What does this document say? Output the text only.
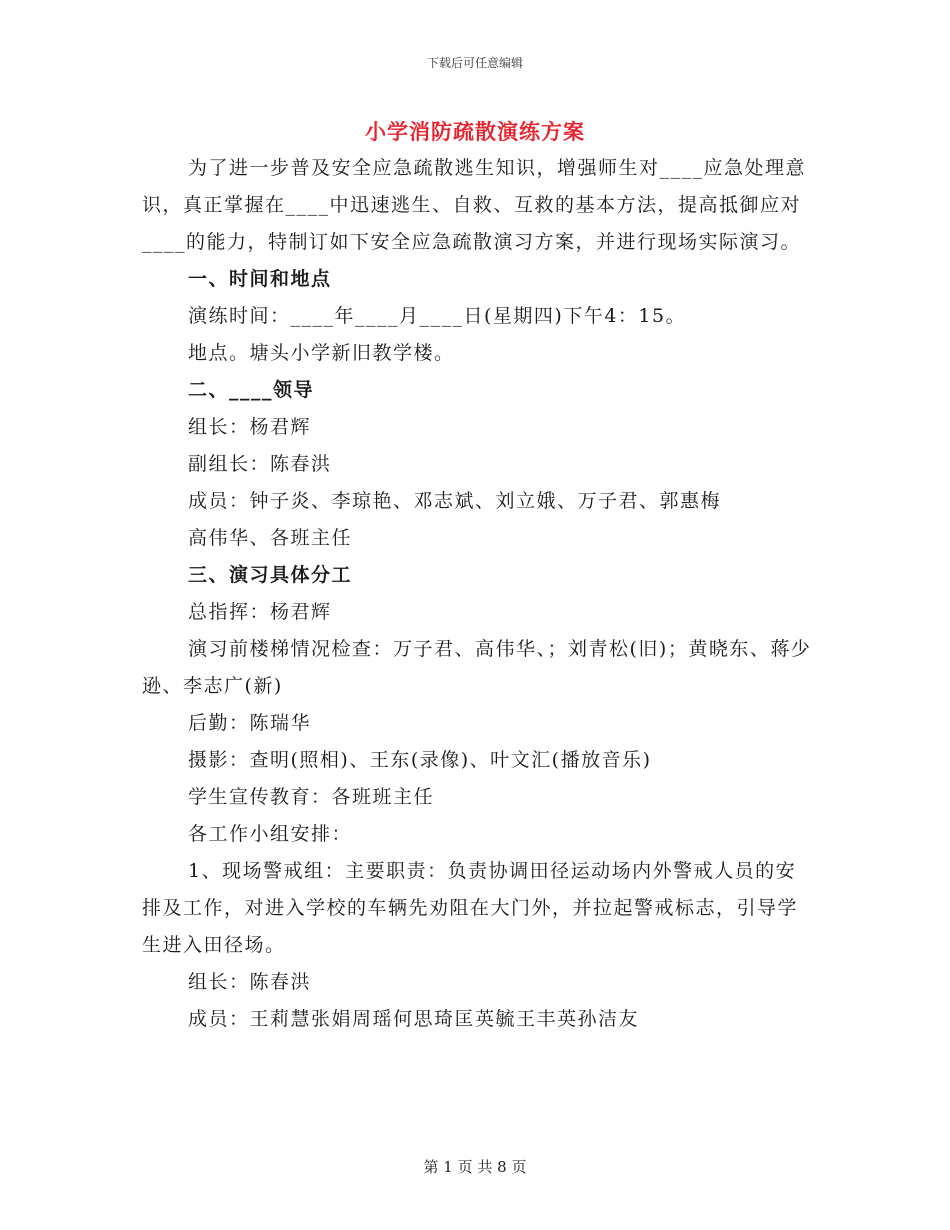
下载后可任意编辑
小学消防疏散演练方案

为了进一步普及安全应急疏散逃生知识，增强师生对____应急处理意识，真正掌握在____中迅速逃生、自救、互救的基本方法，提高抵御应对____的能力，特制订如下安全应急疏散演习方案，并进行现场实际演习。

一、时间和地点

演练时间：____年____月____日(星期四)下午4：15。

地点。塘头小学新旧教学楼。

二、____领导

组长：杨君辉

副组长：陈春洪

成员：钟子炎、李琼艳、邓志斌、刘立娥、万子君、郭惠梅

高伟华、各班主任

三、演习具体分工

总指挥：杨君辉

演习前楼梯情况检查：万子君、高伟华、；刘青松(旧)；黄晓东、蒋少逊、李志广(新)

后勤：陈瑞华

摄影：查明(照相)、王东(录像)、叶文汇(播放音乐)

学生宣传教育：各班班主任

各工作小组安排：

1、现场警戒组：主要职责：负责协调田径运动场内外警戒人员的安排及工作，对进入学校的车辆先劝阻在大门外，并拉起警戒标志，引导学生进入田径场。

组长：陈春洪

成员：王莉慧张娟周瑶何思琦匡英毓王丰英孙洁友

第 1 页 共 8 页
